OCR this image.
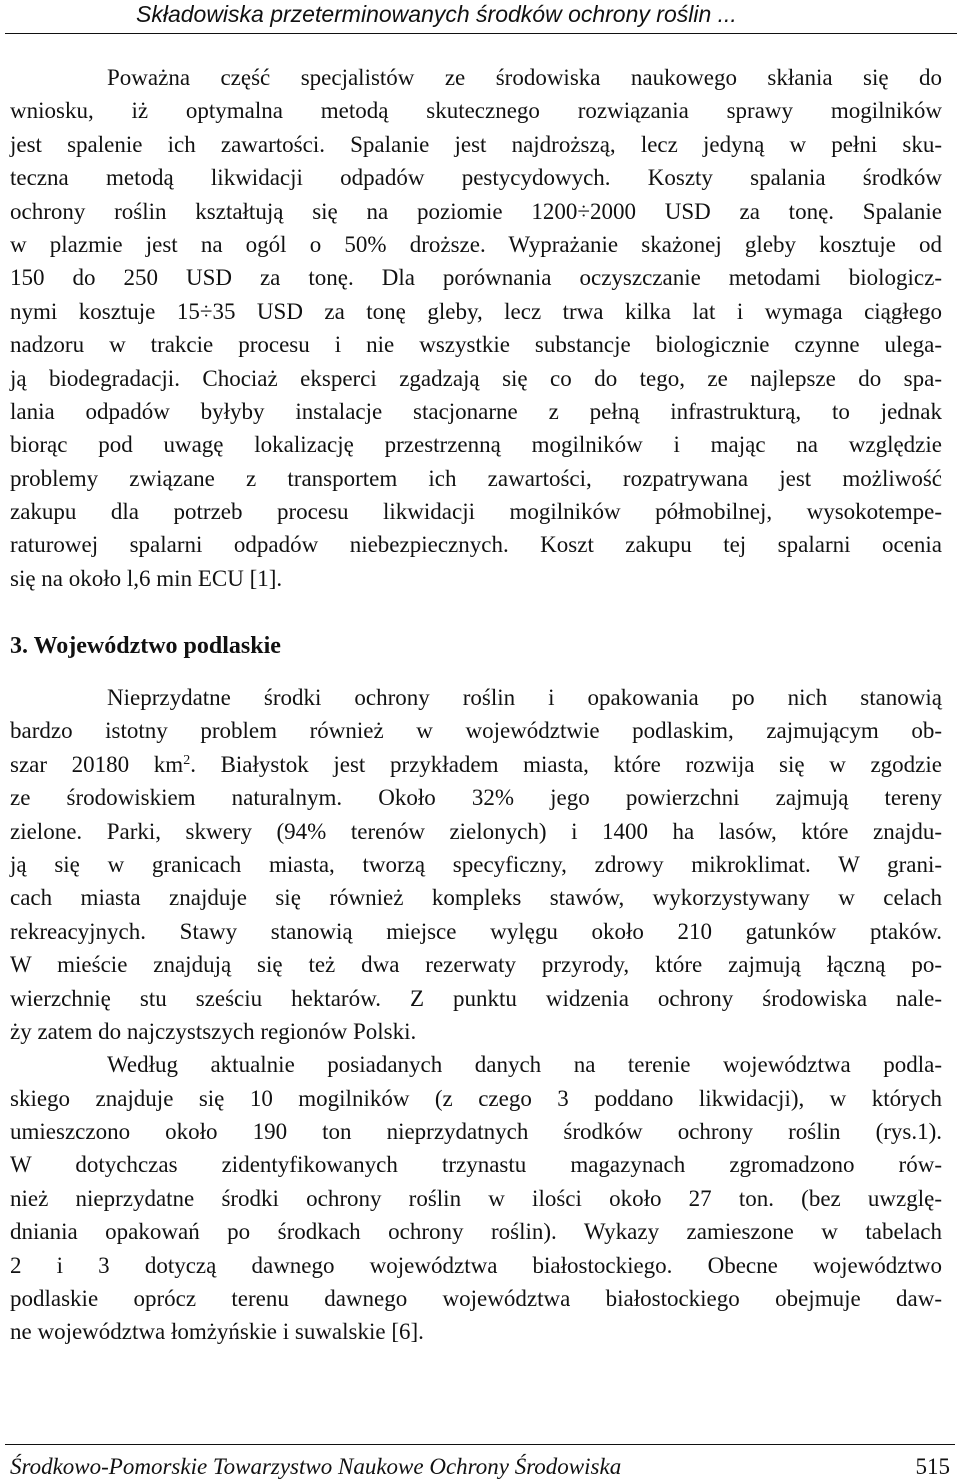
Składowiska przeterminowanych środków ochrony roślin ...
Poważna część specjalistów ze środowiska naukowego skłania się do
wniosku, iż optymalna metodą skutecznego rozwiązania sprawy mogilników
jest spalenie ich zawartości. Spalanie jest najdroższą, lecz jedyną w pełni sku-
teczna metodą likwidacji odpadów pestycydowych. Koszty spalania środków
ochrony roślin kształtują się na poziomie 1200÷2000 USD za tonę. Spalanie
w plazmie jest na ogól o 50% droższe. Wyprażanie skażonej gleby kosztuje od
150 do 250 USD za tonę. Dla porównania oczyszczanie metodami biologicz-
nymi kosztuje 15÷35 USD za tonę gleby, lecz trwa kilka lat i wymaga ciągłego
nadzoru w trakcie procesu i nie wszystkie substancje biologicznie czynne ulega-
ją biodegradacji. Chociaż eksperci zgadzają się co do tego, ze najlepsze do spa-
lania odpadów byłyby instalacje stacjonarne z pełną infrastrukturą, to jednak
biorąc pod uwagę lokalizację przestrzenną mogilników i mając na względzie
problemy związane z transportem ich zawartości, rozpatrywana jest możliwość
zakupu dla potrzeb procesu likwidacji mogilników półmobilnej, wysokotempe-
raturowej spalarni odpadów niebezpiecznych. Koszt zakupu tej spalarni ocenia
się na około l,6 min ECU [1].
3. Województwo podlaskie
Nieprzydatne środki ochrony roślin i opakowania po nich stanowią
bardzo istotny problem również w województwie podlaskim, zajmującym ob-
szar 20180 $km^2$. Białystok jest przykładem miasta, które rozwija się w zgodzie
ze środowiskiem naturalnym. Około 32% jego powierzchni zajmują tereny
zielone. Parki, skwery (94% terenów zielonych) i 1400 ha lasów, które znajdu-
ją się w granicach miasta, tworzą specyficzny, zdrowy mikroklimat. W grani-
cach miasta znajduje się również kompleks stawów, wykorzystywany w celach
rekreacyjnych. Stawy stanowią miejsce wylęgu około 210 gatunków ptaków.
W mieście znajdują się też dwa rezerwaty przyrody, które zajmują łączną po-
wierzchnię stu sześciu hektarów. Z punktu widzenia ochrony środowiska nale-
ży zatem do najczystszych regionów Polski.
Według aktualnie posiadanych danych na terenie województwa podla-
skiego znajduje się 10 mogilników (z czego 3 poddano likwidacji), w których
umieszczono około 190 ton nieprzydatnych środków ochrony roślin (rys.1).
W dotychczas zidentyfikowanych trzynastu magazynach zgromadzono rów-
nież nieprzydatne środki ochrony roślin w ilości około 27 ton. (bez uwzglę-
dniania opakowań po środkach ochrony roślin). Wykazy zamieszone w tabelach
2 i 3 dotyczą dawnego województwa białostockiego. Obecne województwo
podlaskie oprócz terenu dawnego województwa białostockiego obejmuje daw-
ne województwa łomżyńskie i suwalskie [6].
Środkowo-Pomorskie Towarzystwo Naukowe Ochrony Środowiska	515
